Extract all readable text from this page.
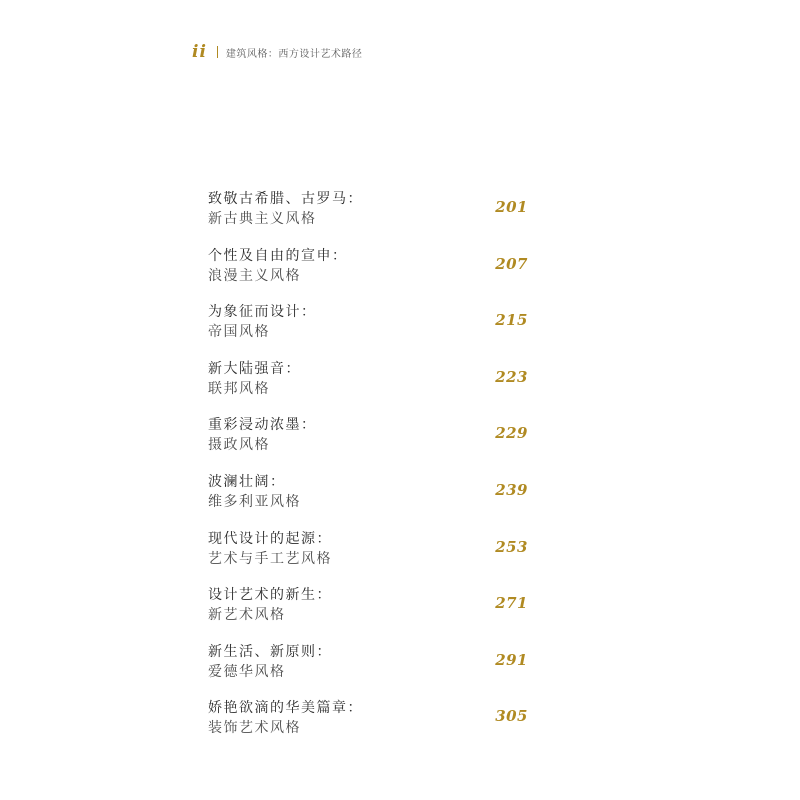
ii 建筑风格：西方设计艺术路径
致敬古希腊、古罗马：
新古典主义风格
201
个性及自由的宣申：
浪漫主义风格
207
为象征而设计：
帝国风格
215
新大陆强音：
联邦风格
223
重彩浸动浓墨：
摄政风格
229
波澜壮阔：
维多利亚风格
239
现代设计的起源：
艺术与手工艺风格
253
设计艺术的新生：
新艺术风格
271
新生活、新原则：
爱德华风格
291
娇艳欲滴的华美篇章：
装饰艺术风格
305
